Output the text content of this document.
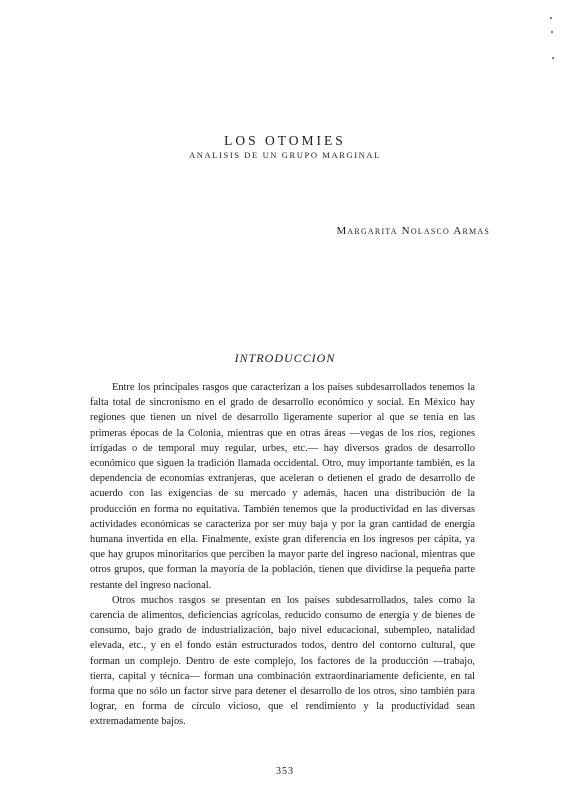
LOS OTOMIES
ANALISIS DE UN GRUPO MARGINAL
Margarita Nolasco Armas
INTRODUCCION

Entre los principales rasgos que caracterizan a los países subdesarrollados tenemos la falta total de sincronismo en el grado de desarrollo económico y social. En México hay regiones que tienen un nivel de desarrollo ligeramente superior al que se tenía en las primeras épocas de la Colonia, mientras que en otras áreas —vegas de los ríos, regiones irrigadas o de temporal muy regular, urbes, etc.— hay diversos grados de desarrollo económico que siguen la tradición llamada occidental. Otro, muy importante también, es la dependencia de economías extranjeras, que aceleran o detienen el grado de desarrollo de acuerdo con las exigencias de su mercado y además, hacen una distribución de la producción en forma no equitativa. También tenemos que la productividad en las diversas actividades económicas se caracteriza por ser muy baja y por la gran cantidad de energía humana invertida en ella. Finalmente, existe gran diferencia en los ingresos per cápita, ya que hay grupos minoritarios que perciben la mayor parte del ingreso nacional, mientras que otros grupos, que forman la mayoría de la población, tienen que dividirse la pequeña parte restante del ingreso nacional.

Otros muchos rasgos se presentan en los países subdesarrollados, tales como la carencia de alimentos, deficiencias agrícolas, reducido consumo de energía y de bienes de consumo, bajo grado de industrialización, bajo nivel educacional, subempleo, natalidad elevada, etc., y en el fondo están estructurados todos, dentro del contorno cultural, que forman un complejo. Dentro de este complejo, los factores de la producción —trabajo, tierra, capital y técnica— forman una combinación extraordinariamente deficiente, en tal forma que no sólo un factor sirve para detener el desarrollo de los otros, sino también para lograr, en forma de círculo vicioso, que el rendimiento y la productividad sean extremadamente bajos.

353
